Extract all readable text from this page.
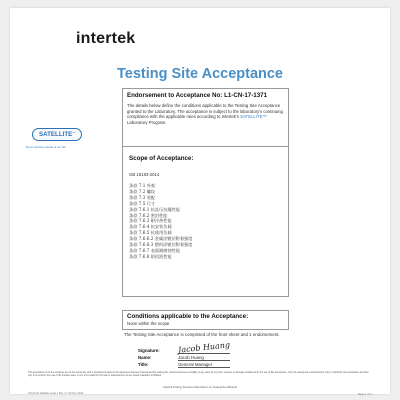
intertek
Testing Site Acceptance
SATELLITE™
Be an Intertek outside of our lab
Endorsement to Acceptance No: L1-CN-17-1371
The details below define the conditions applicable to the Testing Site Acceptance granted to the Laboratory. The acceptance is subject to the laboratory's continuing compliance with the applicable rules according to Intertek's SATELLITE™ Laboratory Program.
Scope of Acceptance:
GB 18183-2014
条款 7.1 外观
条款 7.2 螺纹
条款 7.3 装配
条款 7.5 尺寸
条款 7.6.1 抗冻压抗爆性能
条款 7.6.2 密封性能
条款 7.6.3 耐冷热性能
条款 7.6.4 抗安装负载
条款 7.6.5 抗使用负载
条款 7.6.6.2 金属涂镀层附着强度
条款 7.6.6.3 塑料涂镀层附着强度
条款 7.6.7 表面耐腐蚀性能
条款 7.6.8 防回流性能
Conditions applicable to the Acceptance:
None within the scope
The Testing Site Acceptance is comprised of the front sheet and 1 endorsement.
Jacob Huang
Signature:
Name:	Jacob Huang
Title:	General Manager
This acceptance is for the exclusive use of the testing site and is provided pursuant to the agreement between Intertek and the testing site. Intertek assumes no liability to any party for any loss, expense or damage occasioned by the use of this acceptance. Only the testing site is authorized to copy or distribute this acceptance and then only in its entirety. Any use of the Intertek name or one of its marks for the sale or advertisement of any tested material is prohibited.
Intertek Testing Services Shenzhen Ltd. Guangzhou Branch
IAT 02-02 Satellite Level 1 Rev 2.1 15 Nov 2014	Page 1 of 1
